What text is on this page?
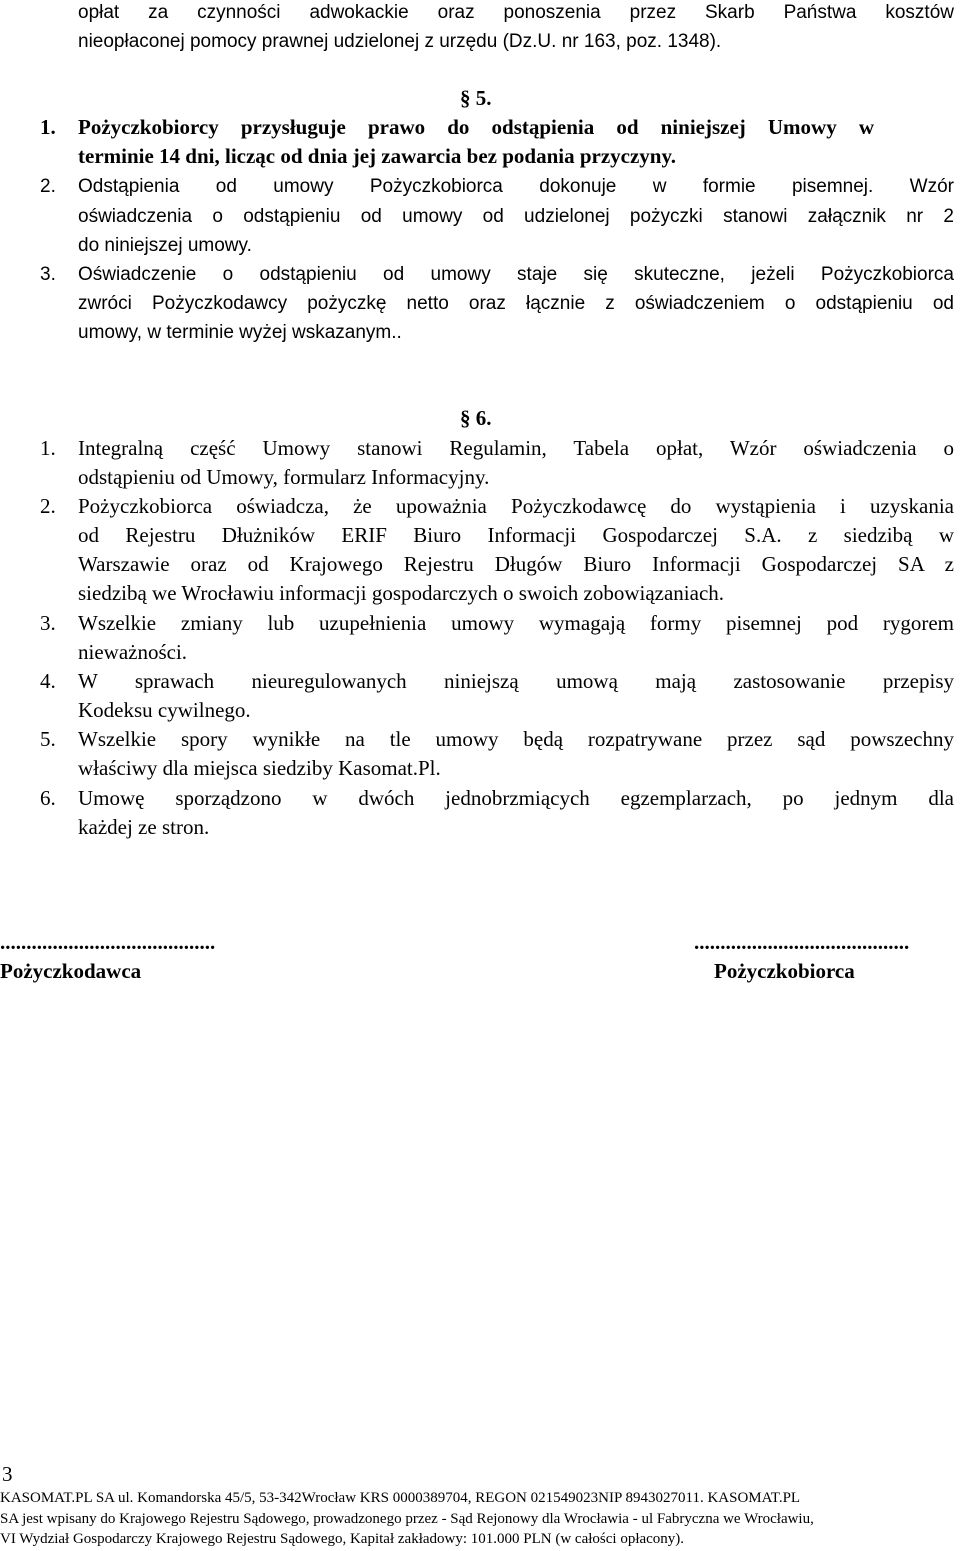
opłat za czynności adwokackie oraz ponoszenia przez Skarb Państwa kosztów
nieopłaconej pomocy prawnej udzielonej z urzędu (Dz.U. nr 163, poz. 1348).
§ 5.
1. Pożyczkobiorcy przysługuje prawo do odstąpienia od niniejszej Umowy w
terminie 14 dni, licząc od dnia jej zawarcia bez podania przyczyny.
2. Odstąpienia od umowy Pożyczkobiorca dokonuje w formie pisemnej. Wzór
oświadczenia o odstąpieniu od umowy od udzielonej pożyczki stanowi załącznik nr 2
do niniejszej umowy.
3. Oświadczenie o odstąpieniu od umowy staje się skuteczne, jeżeli Pożyczkobiorca
zwróci Pożyczkodawcy pożyczkę netto oraz łącznie z oświadczeniem o odstąpieniu od
umowy, w terminie wyżej wskazanym..
§ 6.
1. Integralną część Umowy stanowi Regulamin, Tabela opłat, Wzór oświadczenia o
odstąpieniu od Umowy, formularz Informacyjny.
2. Pożyczkobiorca oświadcza, że upoważnia Pożyczkodawcę do wystąpienia i uzyskania
od Rejestru Dłużników ERIF Biuro Informacji Gospodarczej S.A. z siedzibą w
Warszawie oraz od Krajowego Rejestru Długów Biuro Informacji Gospodarczej SA z
siedzibą we Wrocławiu informacji gospodarczych o swoich zobowiązaniach.
3. Wszelkie zmiany lub uzupełnienia umowy wymagają formy pisemnej pod rygorem
nieważności.
4. W sprawach nieuregulowanych niniejszą umową mają zastosowanie przepisy
Kodeksu cywilnego.
5. Wszelkie spory wynikłe na tle umowy będą rozpatrywane przez sąd powszechny
właściwy dla miejsca siedziby Kasomat.Pl.
6. Umowę sporządzono w dwóch jednobrzmiących egzemplarzach, po jednym dla
każdej ze stron.
.........................................
Pożyczkodawca
.........................................
Pożyczkobiorca
3
KASOMAT.PL SA ul. Komandorska 45/5, 53-342Wrocław KRS 0000389704, REGON 021549023NIP 8943027011. KASOMAT.PL
SA jest wpisany do Krajowego Rejestru Sądowego, prowadzonego przez - Sąd Rejonowy dla Wrocławia - ul Fabryczna we Wrocławiu,
VI Wydział Gospodarczy Krajowego Rejestru Sądowego, Kapitał zakładowy: 101.000 PLN (w całości opłacony).
